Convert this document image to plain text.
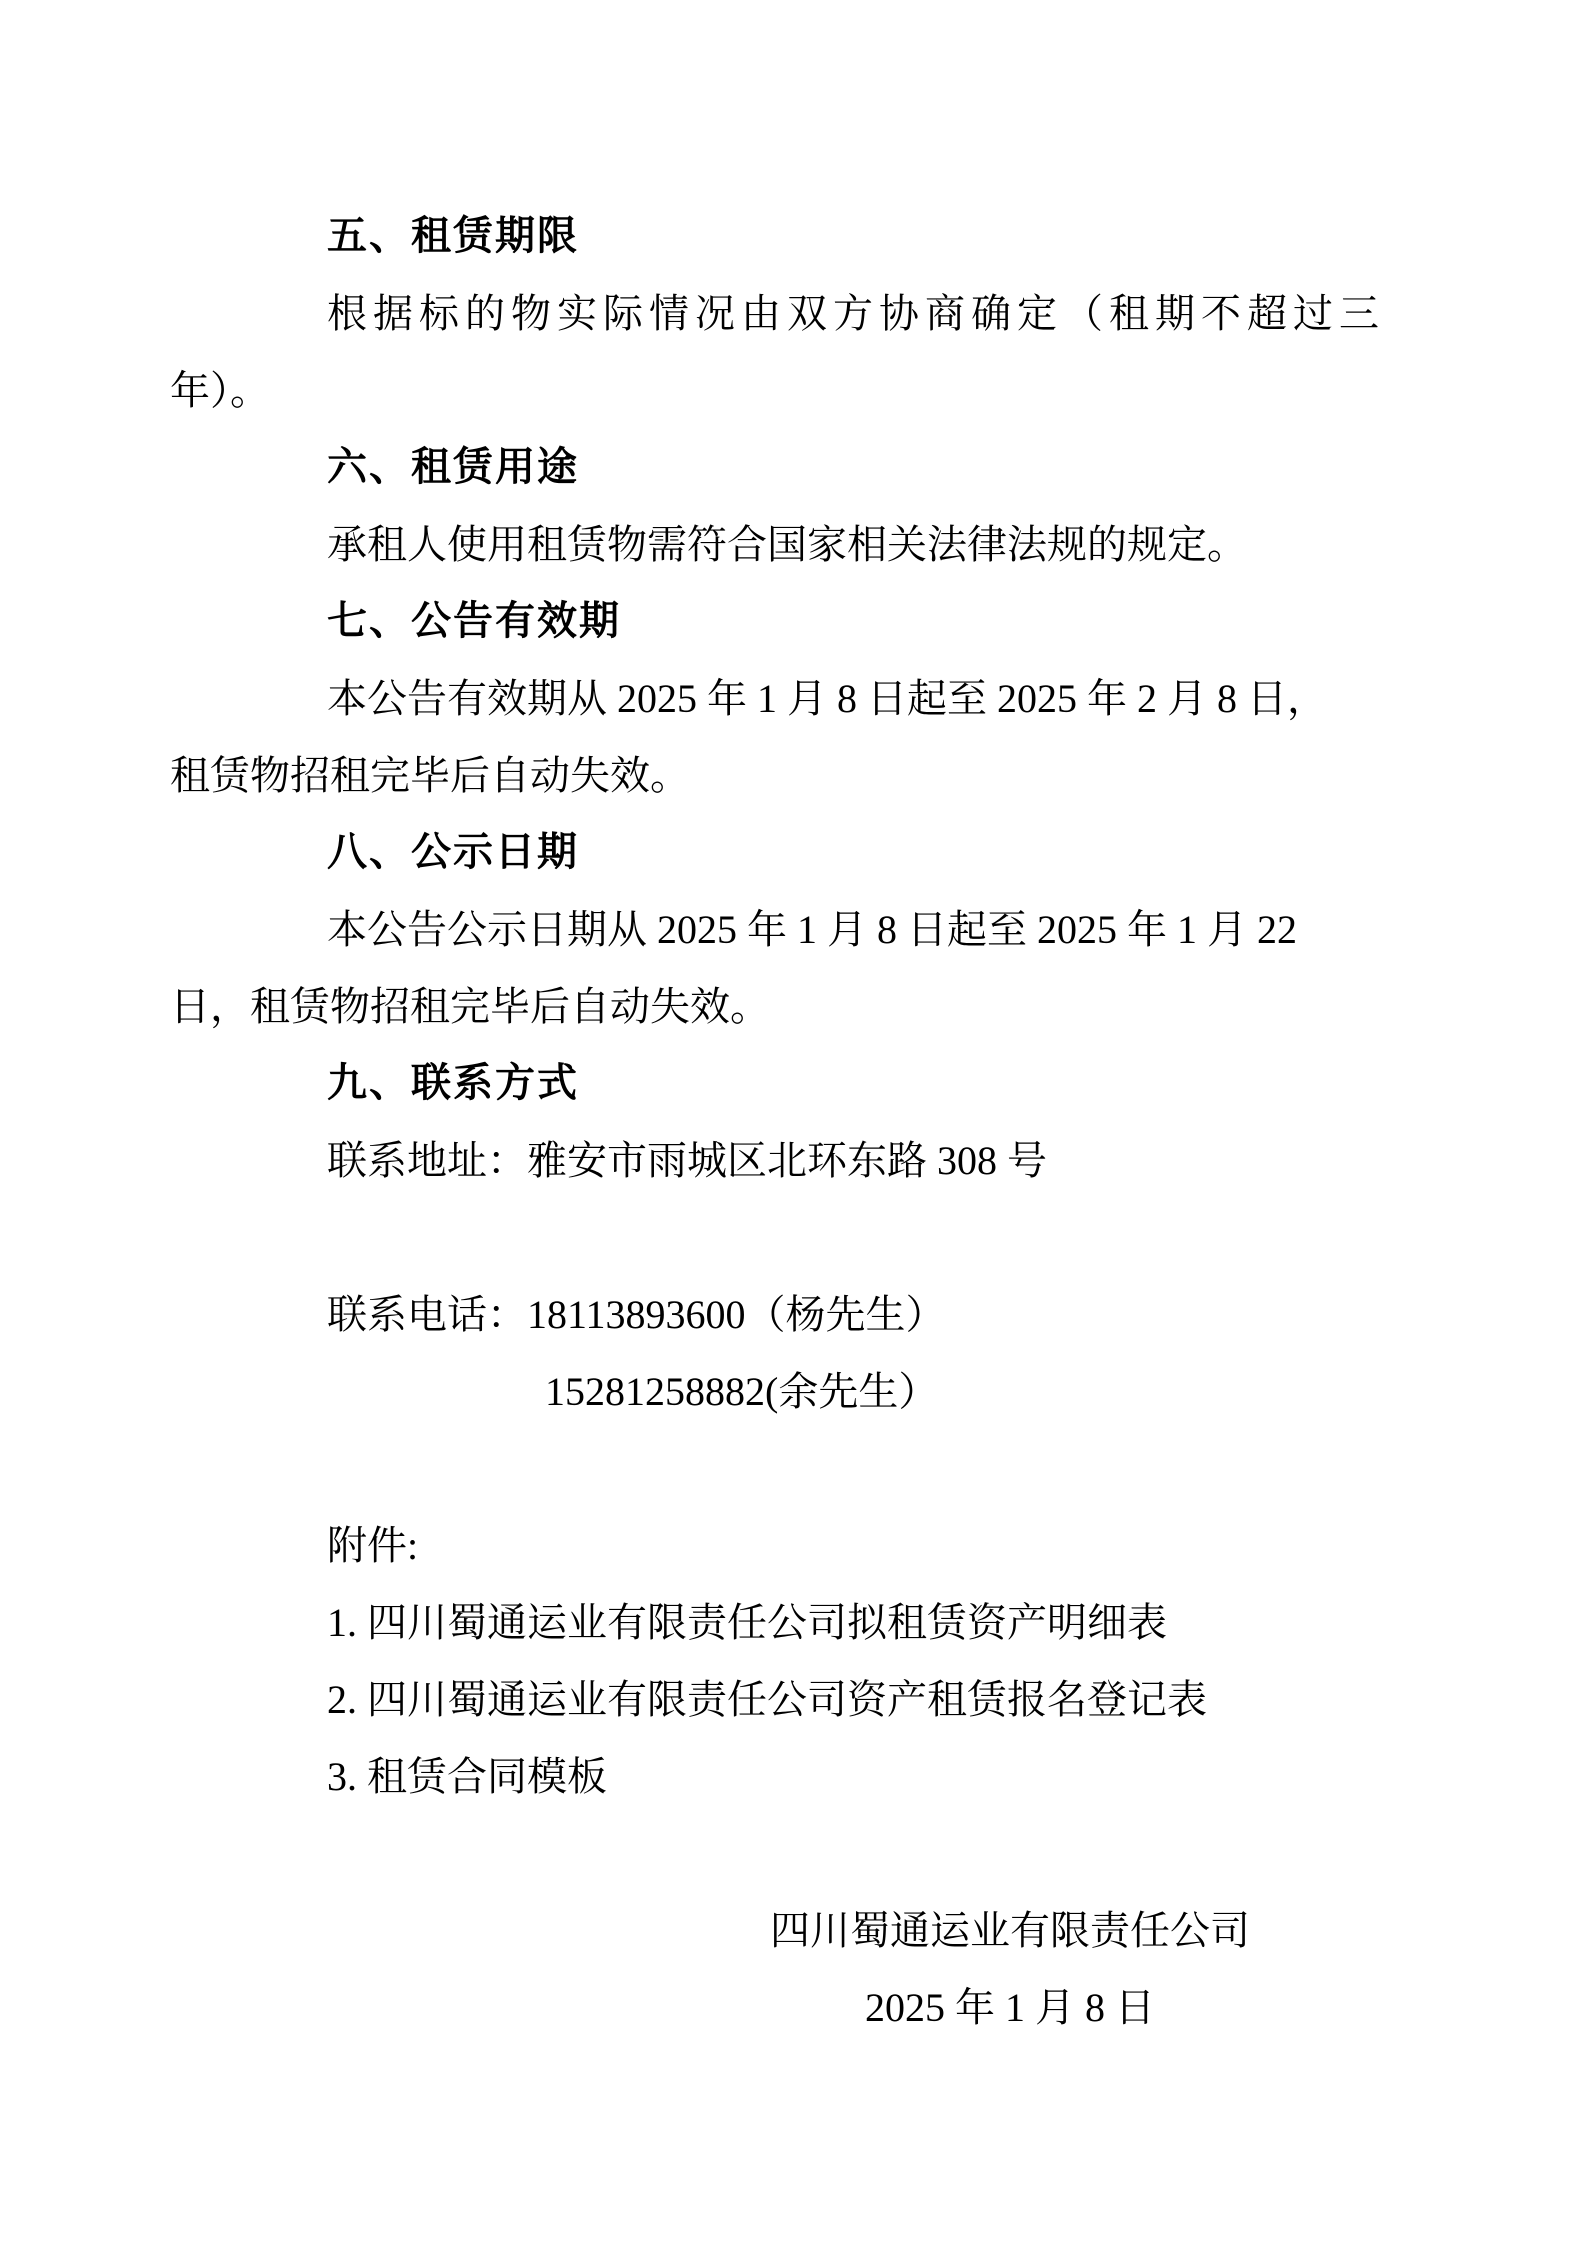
五、租赁期限
根据标的物实际情况由双方协商确定（租期不超过三
年）。
六、租赁用途
承租人使用租赁物需符合国家相关法律法规的规定。
七、公告有效期
本公告有效期从 2025 年 1 月 8 日起至 2025 年 2 月 8 日，
租赁物招租完毕后自动失效。
八、公示日期
本公告公示日期从 2025 年 1 月 8 日起至 2025 年 1 月 22
日，租赁物招租完毕后自动失效。
九、联系方式
联系地址：雅安市雨城区北环东路 308 号
联系电话：18113893600（杨先生）
15281258882(余先生）
附件:
1. 四川蜀通运业有限责任公司拟租赁资产明细表
2. 四川蜀通运业有限责任公司资产租赁报名登记表
3. 租赁合同模板
四川蜀通运业有限责任公司
2025 年 1 月 8 日
